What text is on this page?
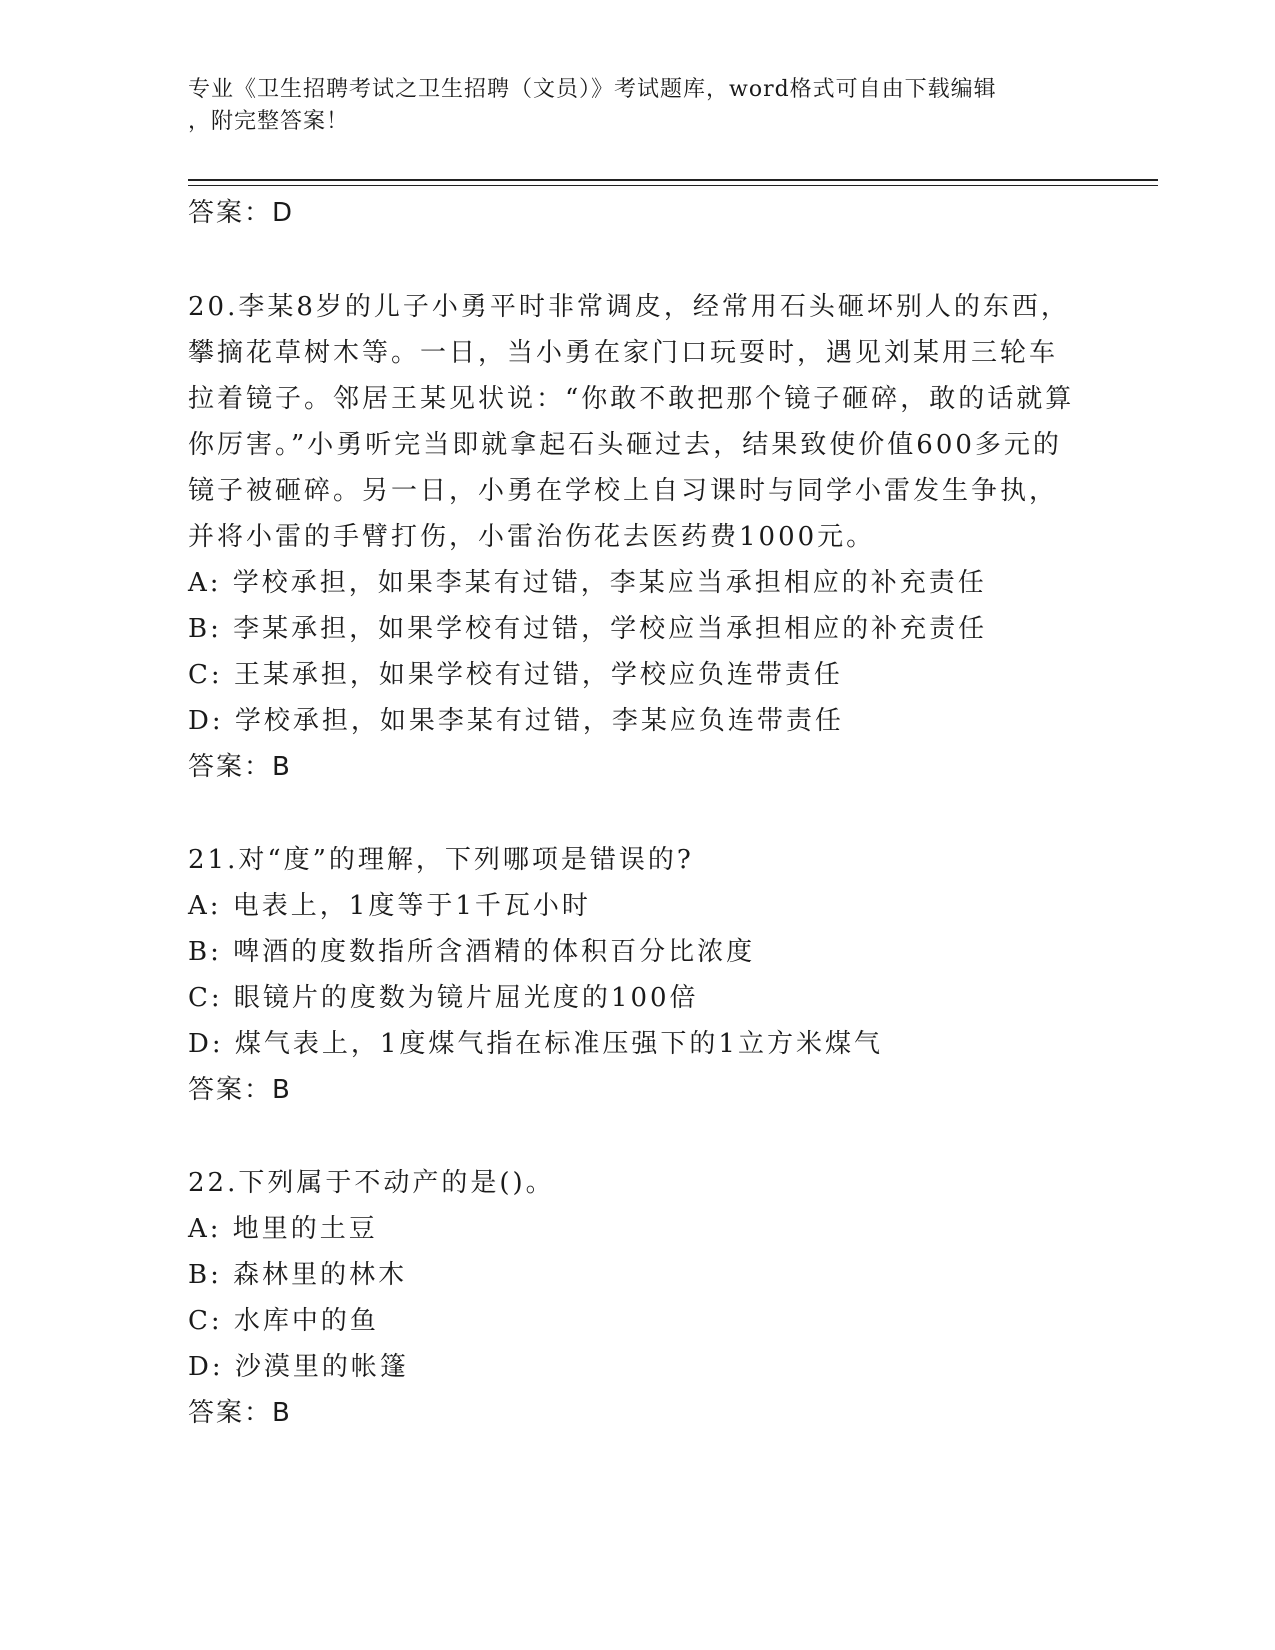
专业《卫生招聘考试之卫生招聘（文员）》考试题库，word格式可自由下载编辑
，附完整答案！
答案：D
20.李某8岁的儿子小勇平时非常调皮，经常用石头砸坏别人的东西，攀摘花草树木等。一日，当小勇在家门口玩耍时，遇见刘某用三轮车拉着镜子。邻居王某见状说：“你敢不敢把那个镜子砸碎，敢的话就算你厉害。”小勇听完当即就拿起石头砸过去，结果致使价值600多元的镜子被砸碎。另一日，小勇在学校上自习课时与同学小雷发生争执，并将小雷的手臂打伤，小雷治伤花去医药费1000元。
A: 学校承担，如果李某有过错，李某应当承担相应的补充责任
B: 李某承担，如果学校有过错，学校应当承担相应的补充责任
C: 王某承担，如果学校有过错，学校应负连带责任
D: 学校承担，如果李某有过错，李某应负连带责任
答案：B
21.对“度”的理解，下列哪项是错误的?
A: 电表上，1度等于1千瓦小时
B: 啤酒的度数指所含酒精的体积百分比浓度
C: 眼镜片的度数为镜片屈光度的100倍
D: 煤气表上，1度煤气指在标准压强下的1立方米煤气
答案：B
22.下列属于不动产的是()。
A: 地里的土豆
B: 森林里的林木
C: 水库中的鱼
D: 沙漠里的帐篷
答案：B
